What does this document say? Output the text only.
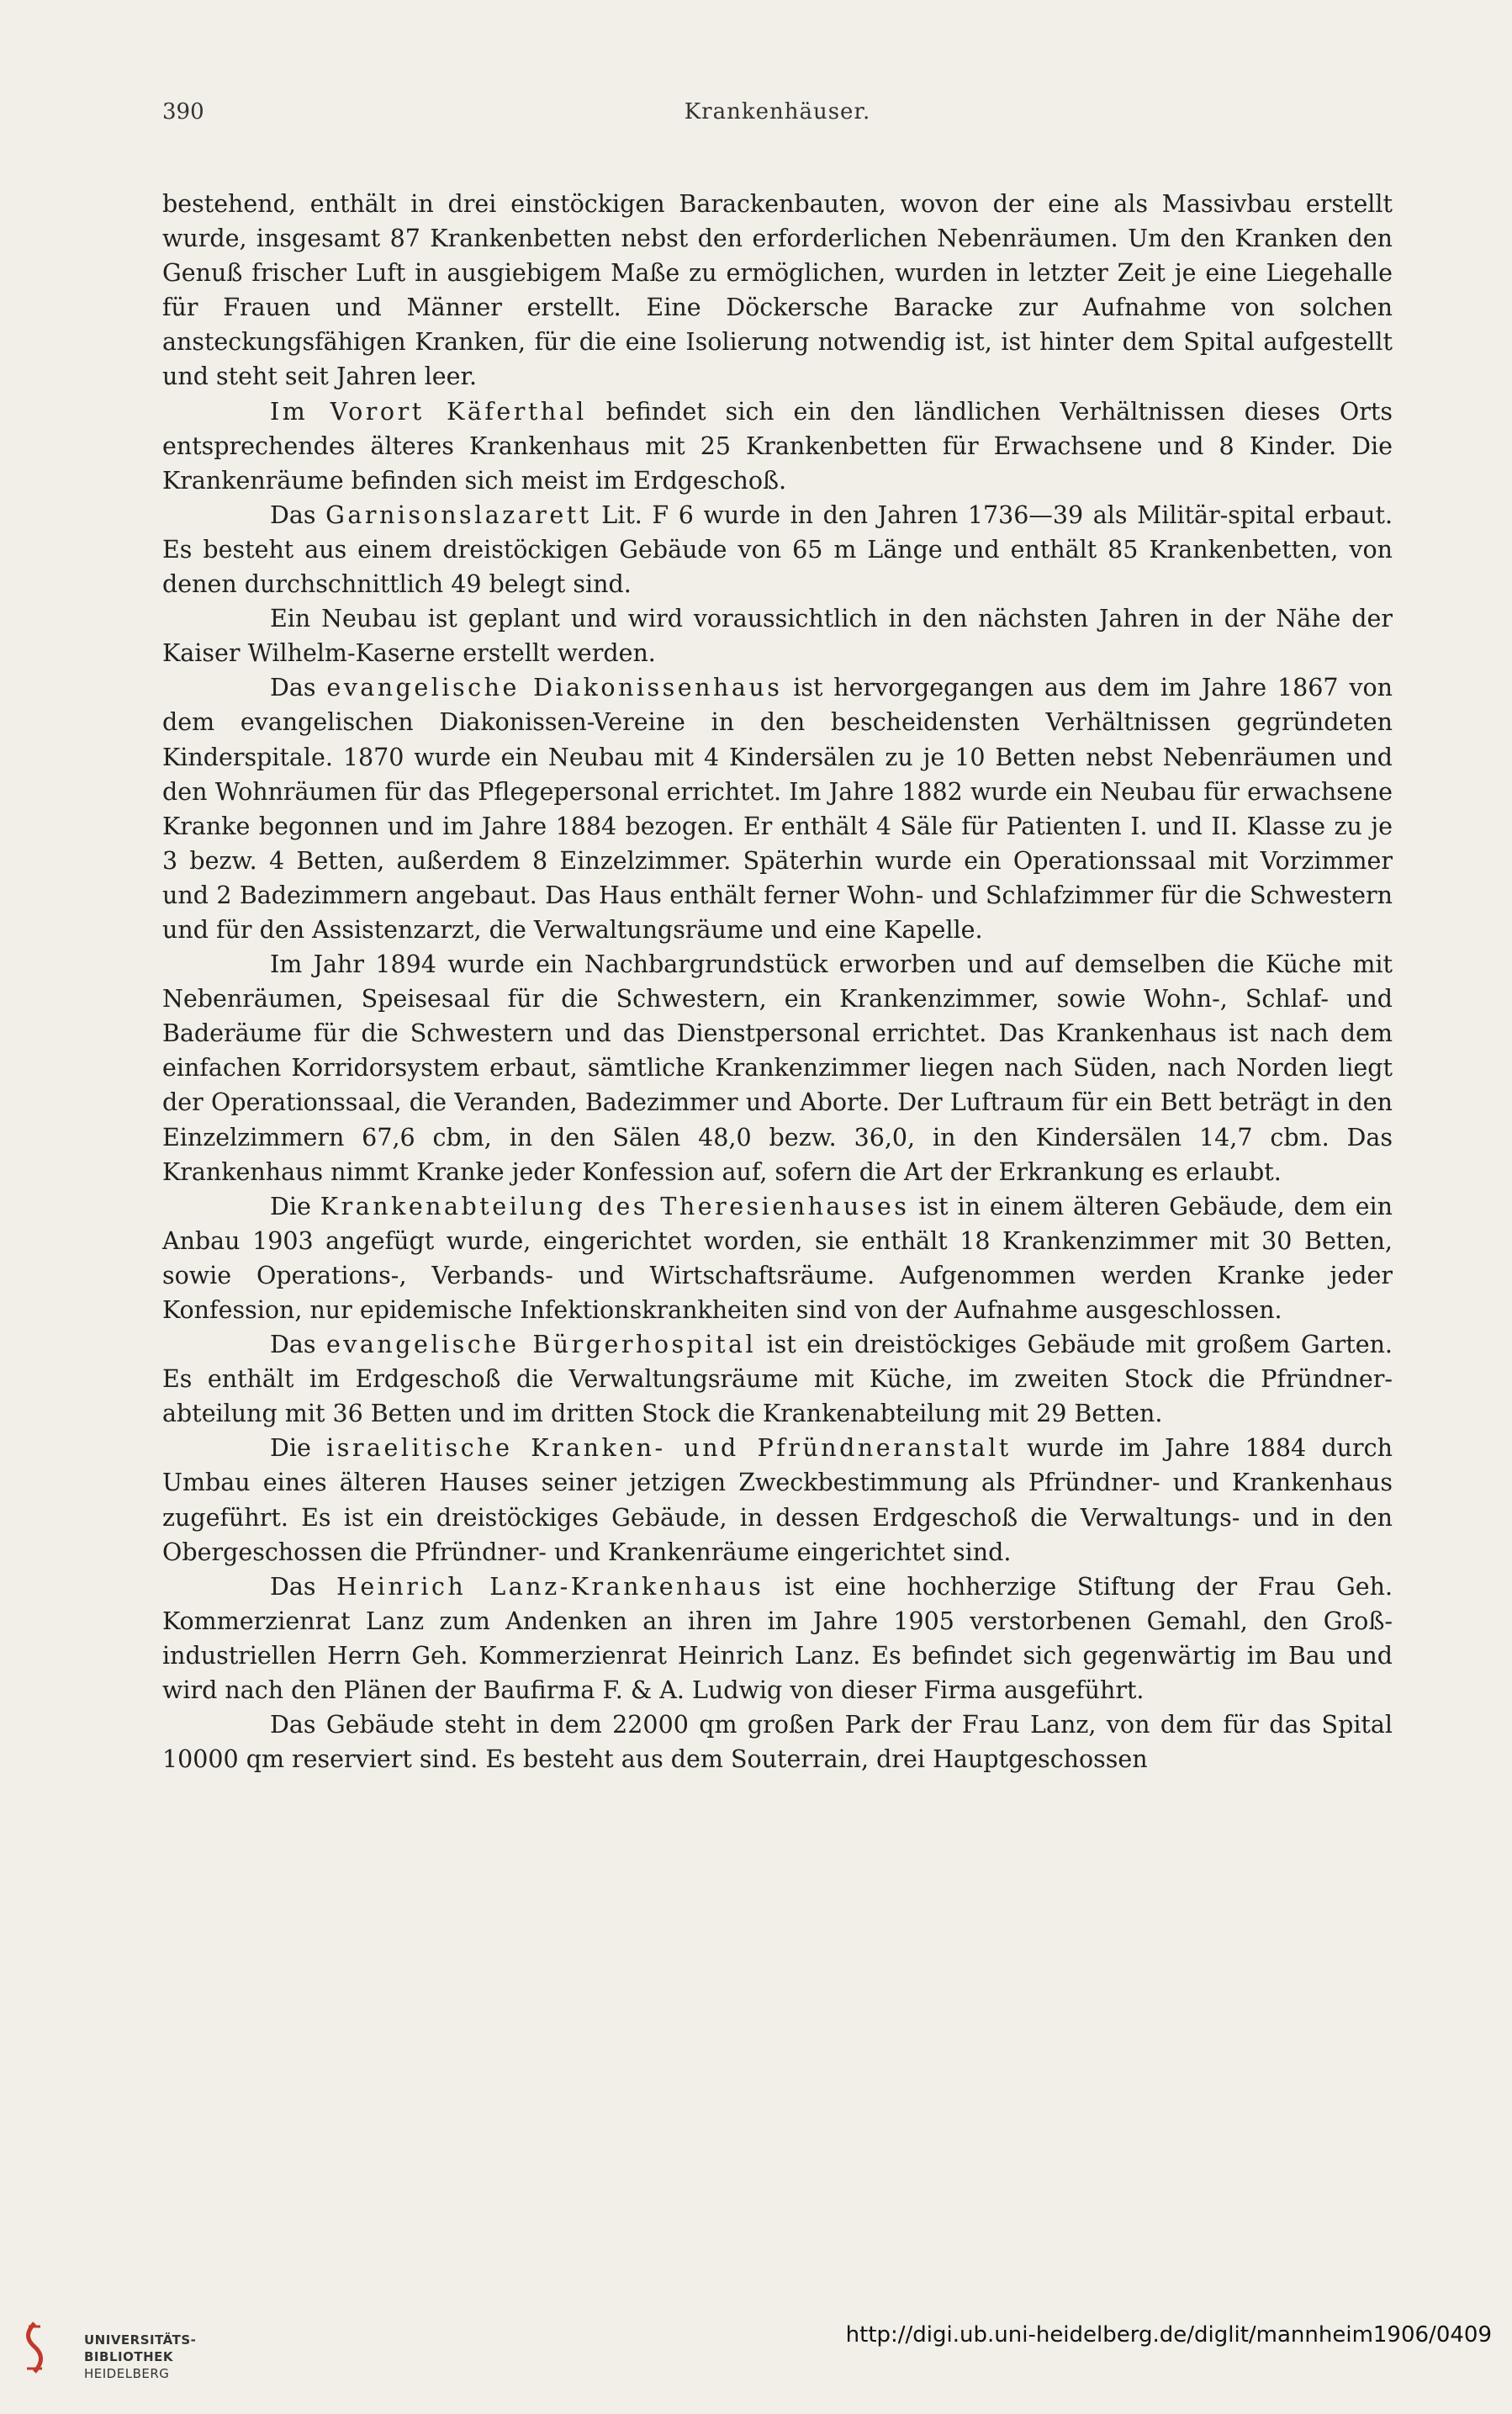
390	Krankenhäuser.

bestehend, enthält in drei einstöckigen Barackenbauten, wovon der eine als Massivbau erstellt wurde, insgesamt 87 Krankenbetten nebst den erforderlichen Nebenräumen. Um den Kranken den Genuß frischer Luft in ausgiebigem Maße zu ermöglichen, wurden in letzter Zeit je eine Liegehalle für Frauen und Männer erstellt. Eine Döckersche Baracke zur Aufnahme von solchen ansteckungsfähigen Kranken, für die eine Isolierung notwendig ist, ist hinter dem Spital aufgestellt und steht seit Jahren leer.

Im Vorort Käferthal befindet sich ein den ländlichen Verhältnissen dieses Orts entsprechendes älteres Krankenhaus mit 25 Krankenbetten für Erwachsene und 8 Kinder. Die Krankenräume befinden sich meist im Erdgeschoß.

Das Garnisonslazarett Lit. F 6 wurde in den Jahren 1736—39 als Militär-spital erbaut. Es besteht aus einem dreistöckigen Gebäude von 65 m Länge und enthält 85 Krankenbetten, von denen durchschnittlich 49 belegt sind.

Ein Neubau ist geplant und wird voraussichtlich in den nächsten Jahren in der Nähe der Kaiser Wilhelm-Kaserne erstellt werden.

Das evangelische Diakonissenhaus ist hervorgegangen aus dem im Jahre 1867 von dem evangelischen Diakonissen-Vereine in den bescheidensten Verhältnissen gegründeten Kinderspitale. 1870 wurde ein Neubau mit 4 Kindersälen zu je 10 Betten nebst Nebenräumen und den Wohnräumen für das Pflegepersonal errichtet. Im Jahre 1882 wurde ein Neubau für erwachsene Kranke begonnen und im Jahre 1884 bezogen. Er enthält 4 Säle für Patienten I. und II. Klasse zu je 3 bezw. 4 Betten, außerdem 8 Einzelzimmer. Späterhin wurde ein Operationssaal mit Vorzimmer und 2 Badezimmern angebaut. Das Haus enthält ferner Wohn- und Schlafzimmer für die Schwestern und für den Assistenzarzt, die Verwaltungsräume und eine Kapelle.

Im Jahr 1894 wurde ein Nachbargrundstück erworben und auf demselben die Küche mit Nebenräumen, Speisesaal für die Schwestern, ein Krankenzimmer, sowie Wohn-, Schlaf- und Baderäume für die Schwestern und das Dienstpersonal errichtet. Das Krankenhaus ist nach dem einfachen Korridorsystem erbaut, sämtliche Krankenzimmer liegen nach Süden, nach Norden liegt der Operationssaal, die Veranden, Badezimmer und Aborte. Der Luftraum für ein Bett beträgt in den Einzelzimmern 67,6 cbm, in den Sälen 48,0 bezw. 36,0, in den Kindersälen 14,7 cbm. Das Krankenhaus nimmt Kranke jeder Konfession auf, sofern die Art der Erkrankung es erlaubt.

Die Krankenabteilung des Theresienhauses ist in einem älteren Gebäude, dem ein Anbau 1903 angefügt wurde, eingerichtet worden, sie enthält 18 Krankenzimmer mit 30 Betten, sowie Operations-, Verbands- und Wirtschaftsräume. Aufgenommen werden Kranke jeder Konfession, nur epidemische Infektionskrankheiten sind von der Aufnahme ausgeschlossen.

Das evangelische Bürgerhospital ist ein dreistöckiges Gebäude mit großem Garten. Es enthält im Erdgeschoß die Verwaltungsräume mit Küche, im zweiten Stock die Pfründner-abteilung mit 36 Betten und im dritten Stock die Krankenabteilung mit 29 Betten.

Die israelitische Kranken- und Pfründneranstalt wurde im Jahre 1884 durch Umbau eines älteren Hauses seiner jetzigen Zweckbestimmung als Pfründner- und Krankenhaus zugeführt. Es ist ein dreistöckiges Gebäude, in dessen Erdgeschoß die Verwaltungs- und in den Obergeschossen die Pfründner- und Krankenräume eingerichtet sind.

Das Heinrich Lanz-Krankenhaus ist eine hochherzige Stiftung der Frau Geh. Kommerzienrat Lanz zum Andenken an ihren im Jahre 1905 verstorbenen Gemahl, den Groß-industriellen Herrn Geh. Kommerzienrat Heinrich Lanz. Es befindet sich gegenwärtig im Bau und wird nach den Plänen der Baufirma F. & A. Ludwig von dieser Firma ausgeführt.

Das Gebäude steht in dem 22000 qm großen Park der Frau Lanz, von dem für das Spital 10000 qm reserviert sind. Es besteht aus dem Souterrain, drei Hauptgeschossen

UNIVERSITÄTS-
BIBLIOTHEK
HEIDELBERG
http://digi.ub.uni-heidelberg.de/diglit/mannheim1906/0409
